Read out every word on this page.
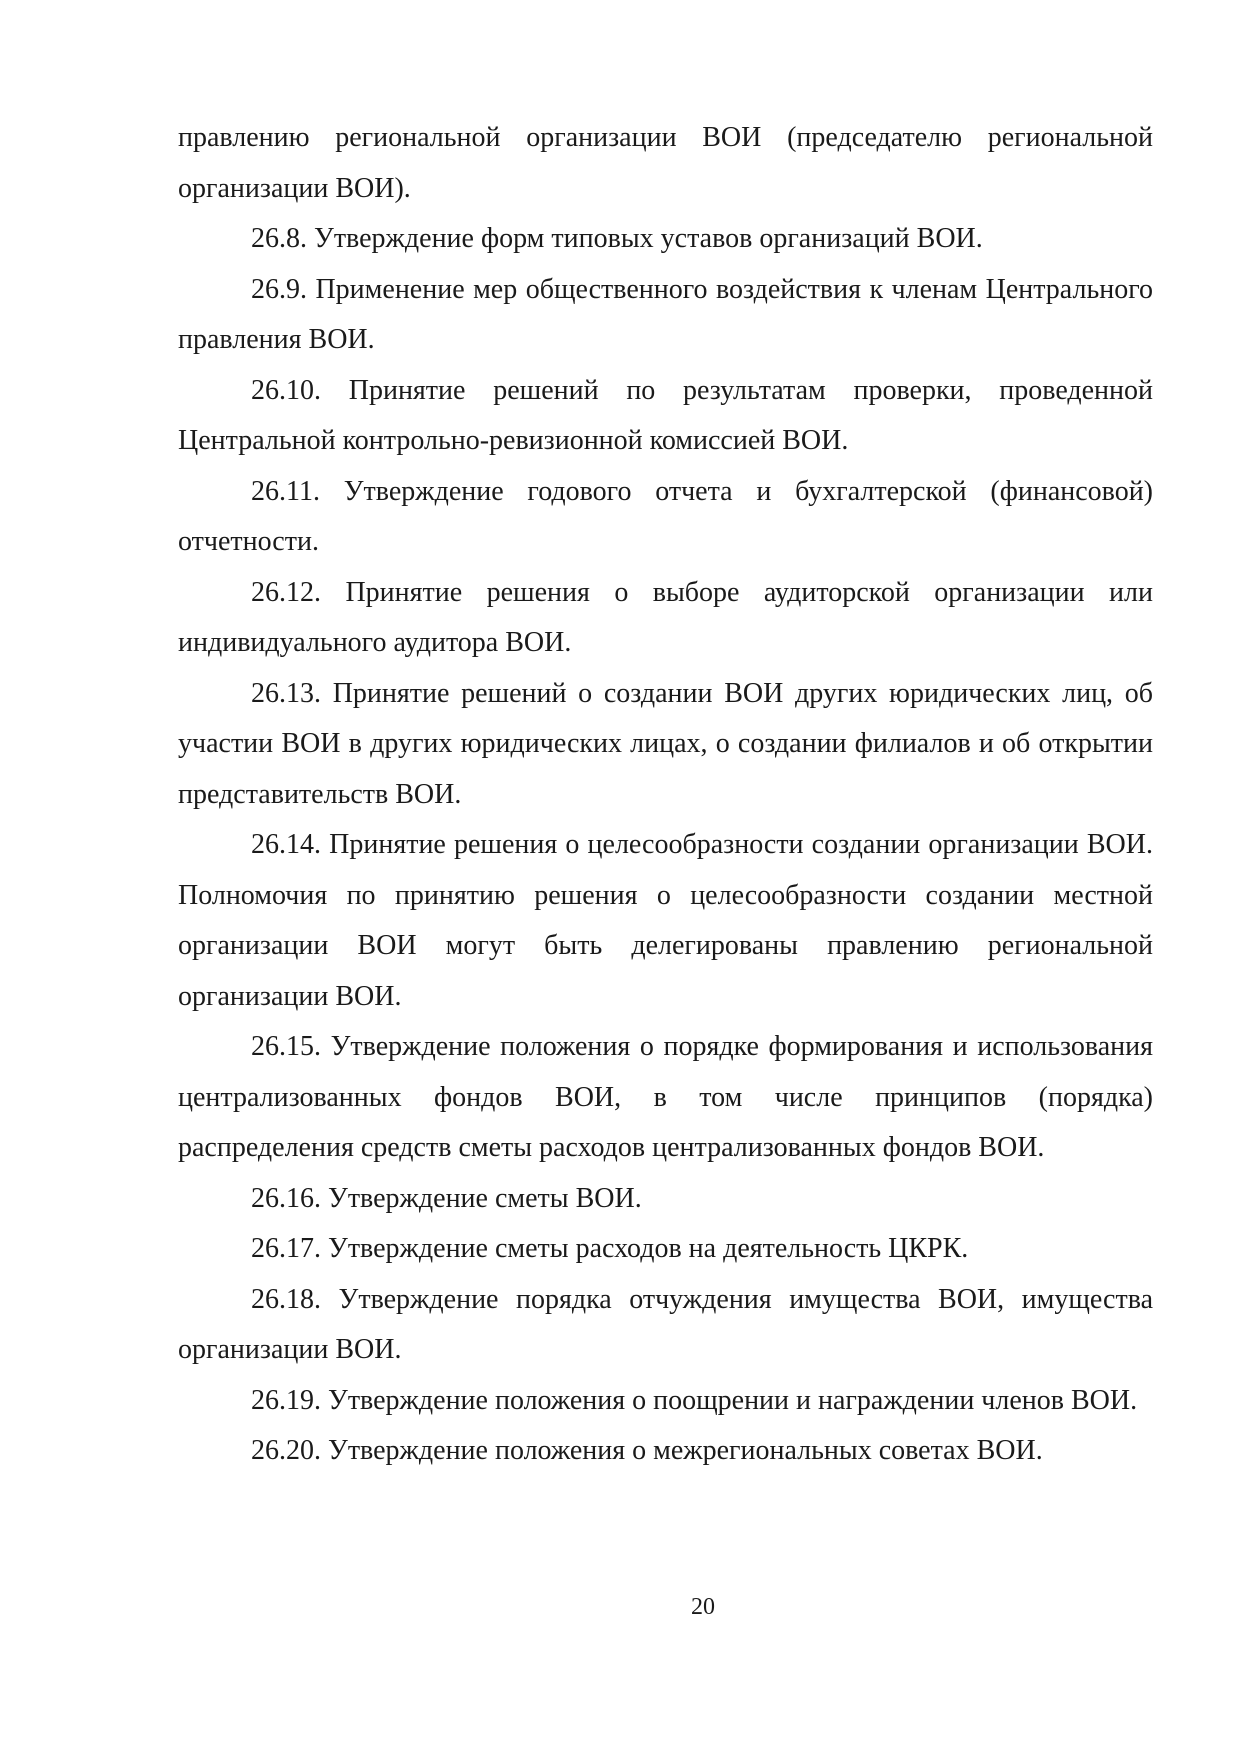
правлению региональной организации ВОИ (председателю региональной организации ВОИ).

26.8. Утверждение форм типовых уставов организаций ВОИ.

26.9. Применение мер общественного воздействия к членам Центрального правления ВОИ.

26.10. Принятие решений по результатам проверки, проведенной Центральной контрольно-ревизионной комиссией ВОИ.

26.11. Утверждение годового отчета и бухгалтерской (финансовой) отчетности.

26.12. Принятие решения о выборе аудиторской организации или индивидуального аудитора ВОИ.

26.13. Принятие решений о создании ВОИ других юридических лиц, об участии ВОИ в других юридических лицах, о создании филиалов и об открытии представительств ВОИ.

26.14. Принятие решения о целесообразности создании организации ВОИ. Полномочия по принятию решения о целесообразности создании местной организации ВОИ могут быть делегированы правлению региональной организации ВОИ.

26.15. Утверждение положения о порядке формирования и использования централизованных фондов ВОИ, в том числе принципов (порядка) распределения средств сметы расходов централизованных фондов ВОИ.

26.16. Утверждение сметы ВОИ.

26.17. Утверждение сметы расходов на деятельность ЦКРК.

26.18. Утверждение порядка отчуждения имущества ВОИ, имущества организации ВОИ.

26.19. Утверждение положения о поощрении и награждении членов ВОИ.

26.20. Утверждение положения о межрегиональных советах ВОИ.

20
